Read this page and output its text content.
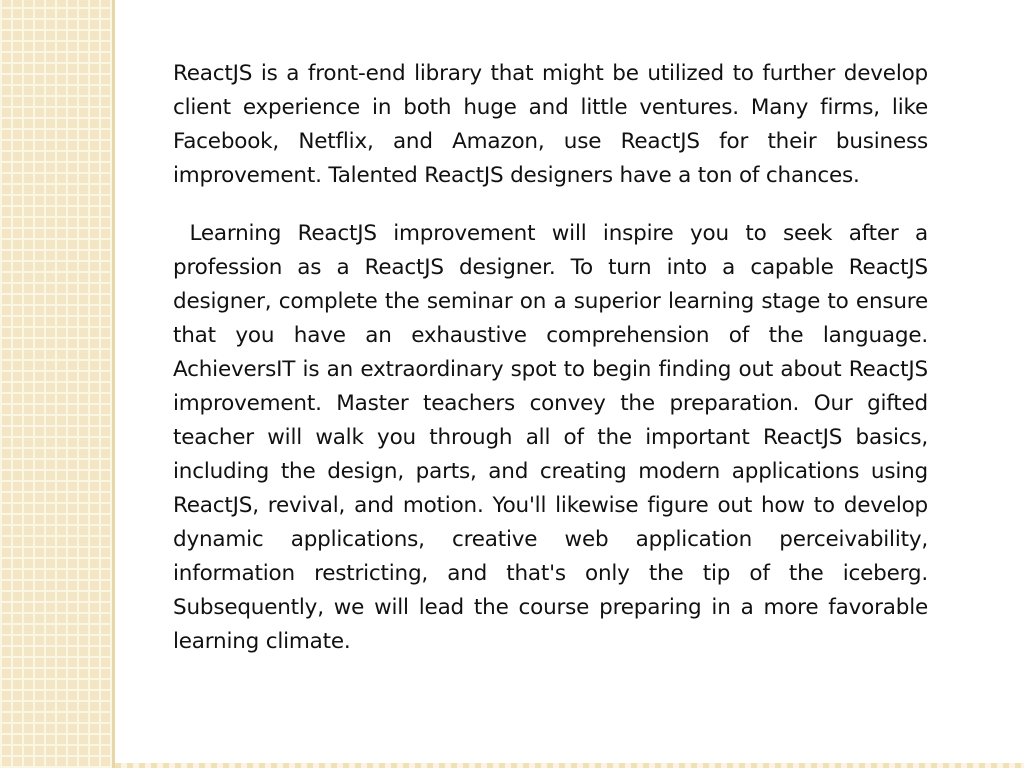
ReactJS is a front-end library that might be utilized to further develop client experience in both huge and little ventures. Many firms, like Facebook, Netflix, and Amazon, use ReactJS for their business improvement. Talented ReactJS designers have a ton of chances.

Learning ReactJS improvement will inspire you to seek after a profession as a ReactJS designer. To turn into a capable ReactJS designer, complete the seminar on a superior learning stage to ensure that you have an exhaustive comprehension of the language. AchieversIT is an extraordinary spot to begin finding out about ReactJS improvement. Master teachers convey the preparation. Our gifted teacher will walk you through all of the important ReactJS basics, including the design, parts, and creating modern applications using ReactJS, revival, and motion. You'll likewise figure out how to develop dynamic applications, creative web application perceivability, information restricting, and that's only the tip of the iceberg. Subsequently, we will lead the course preparing in a more favorable learning climate.
